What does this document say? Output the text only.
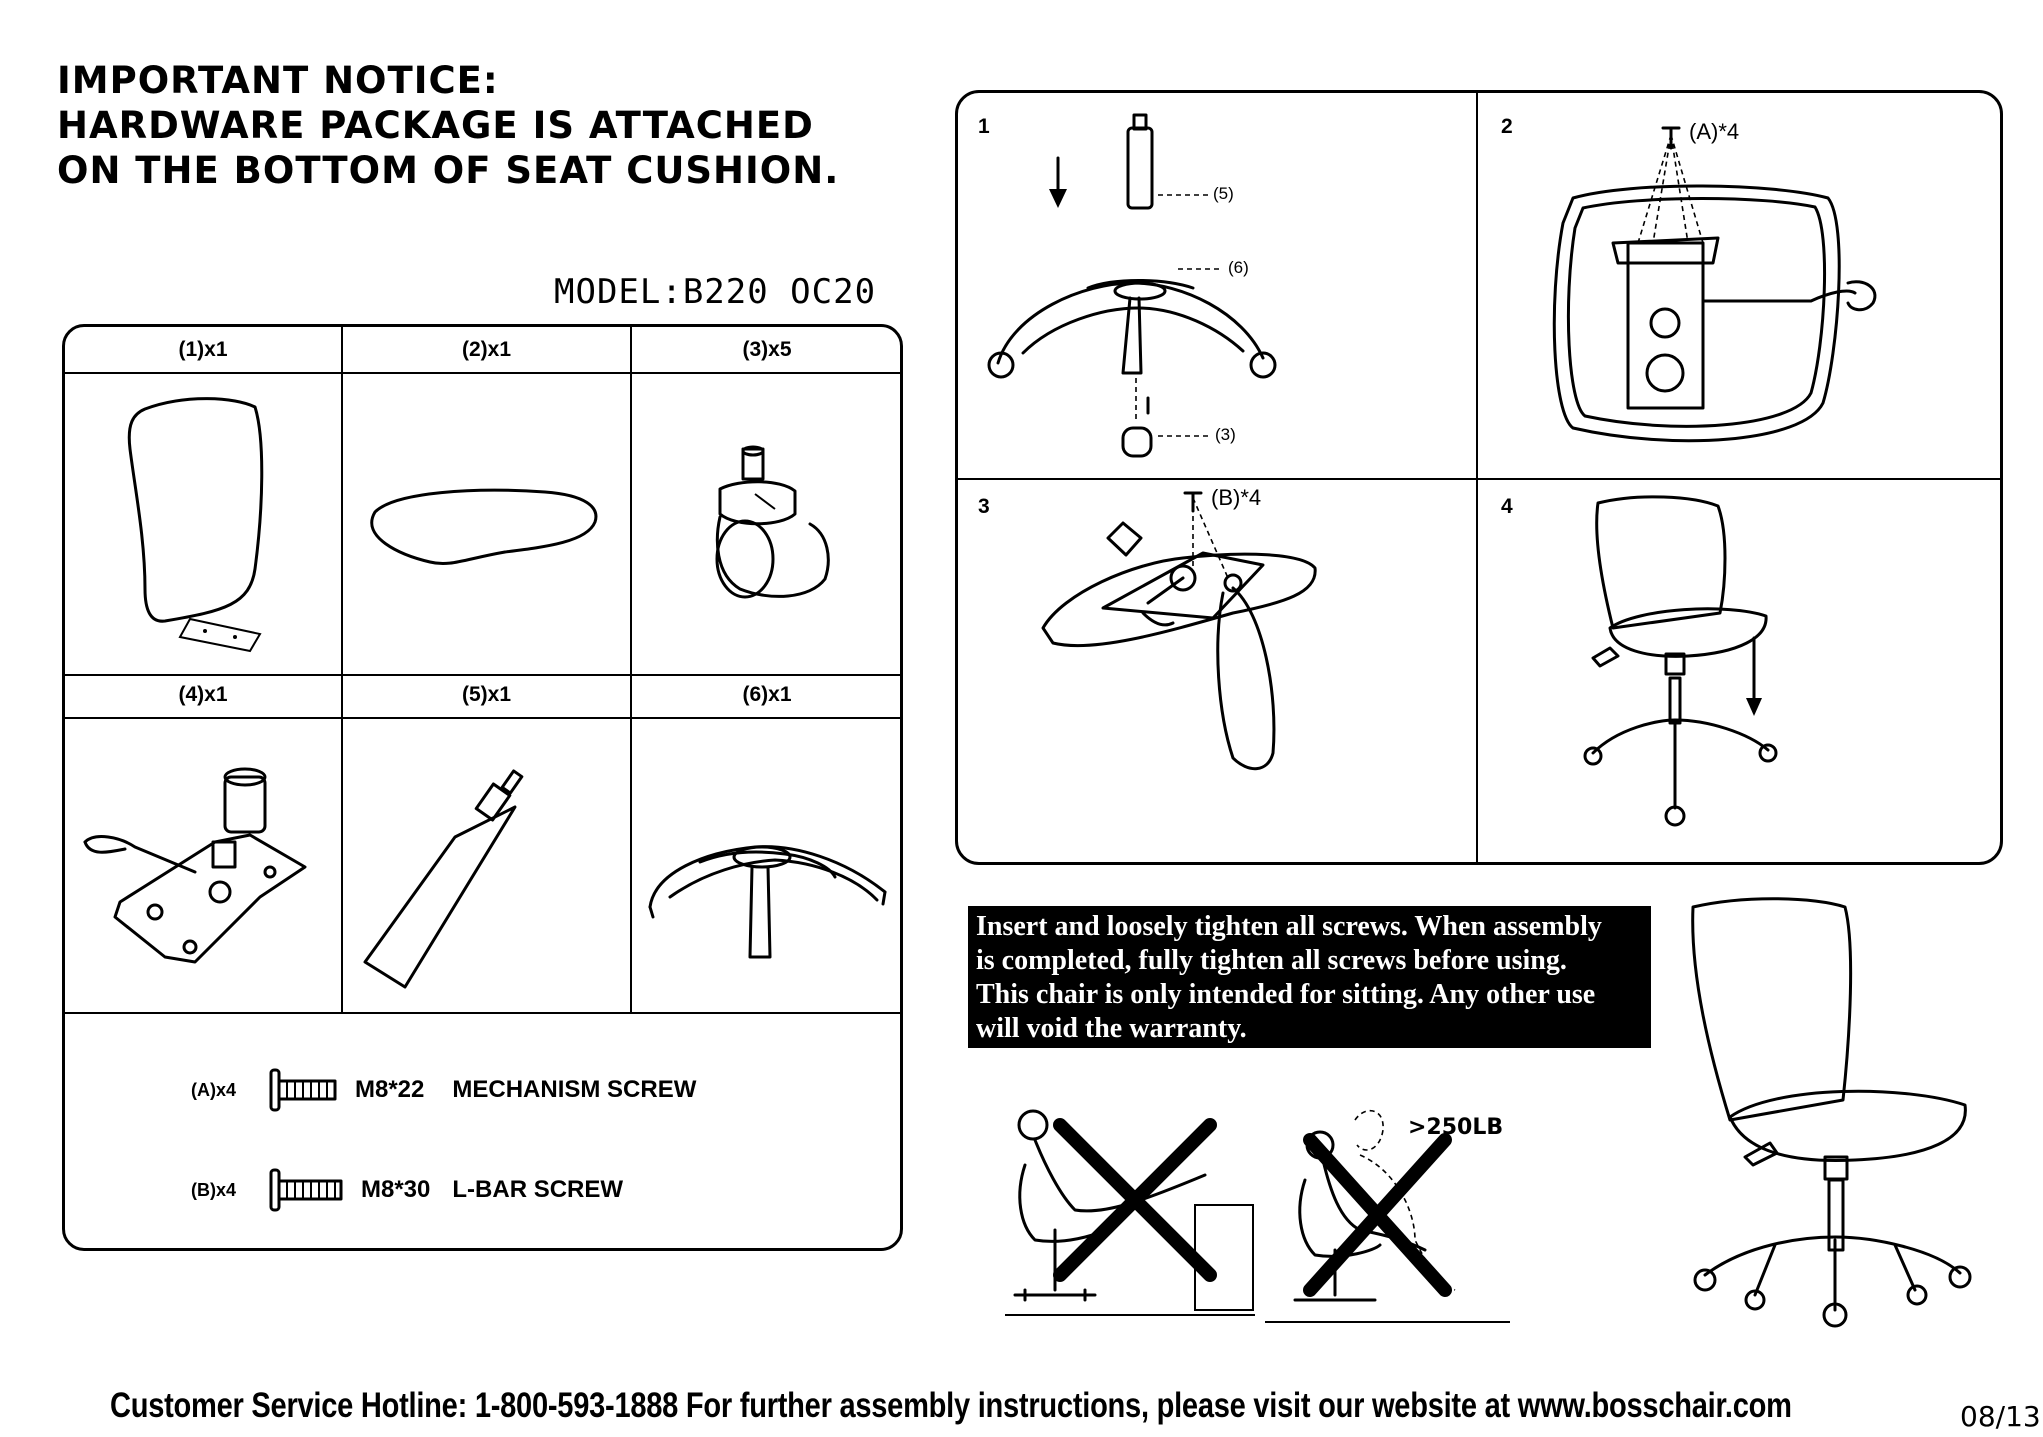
IMPORTANT NOTICE:
HARDWARE PACKAGE IS ATTACHED
ON THE BOTTOM OF SEAT CUSHION.
MODEL:B220 OC20
(1)x1	(2)x1	(3)x5
(4)x1	(5)x1	(6)x1
(A)x4	M8*22 MECHANISM SCREW
(B)x4	M8*30 L-BAR SCREW
1	2
3	4
(5)
(6)
(3)
(A)*4
(B)*4
Insert and loosely tighten all screws. When assembly
is completed, fully tighten all screws before using.
This chair is only intended for sitting. Any other use
will void the warranty.
>250LB
Customer Service Hotline: 1-800-593-1888 For further assembly instructions, please visit our website at www.bosschair.com	08/13
